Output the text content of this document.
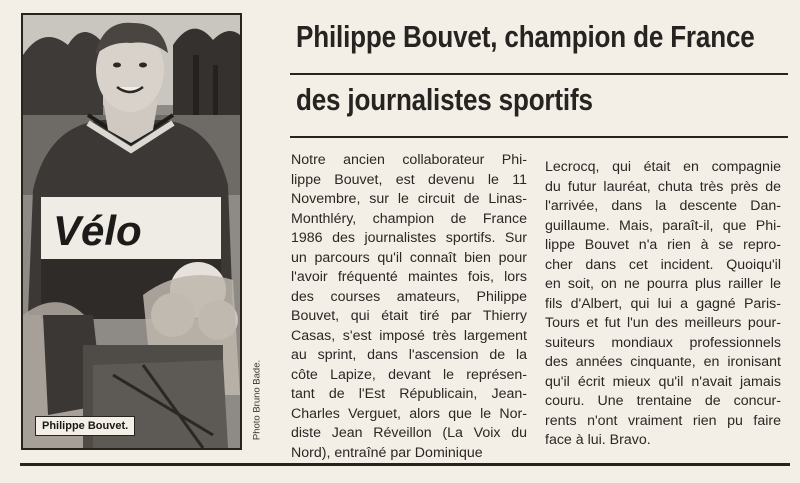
Vélo
Philippe Bouvet.	Photo Bruno Bade.
Philippe Bouvet, champion de France
des journalistes sportifs
Notre ancien collaborateur Phi-
lippe Bouvet, est devenu le 11
Novembre, sur le circuit de Linas-
Monthléry, champion de France
1986 des journalistes sportifs. Sur
un parcours qu'il connaît bien pour
l'avoir fréquenté maintes fois, lors
des courses amateurs, Philippe
Bouvet, qui était tiré par Thierry
Casas, s'est imposé très largement
au sprint, dans l'ascension de la
côte Lapize, devant le représen-
tant de l'Est Républicain, Jean-
Charles Verguet, alors que le Nor-
diste Jean Réveillon (La Voix du
Nord), entraîné par Dominique
Lecrocq, qui était en compagnie
du futur lauréat, chuta très près de
l'arrivée, dans la descente Dan-
guillaume. Mais, paraît-il, que Phi-
lippe Bouvet n'a rien à se repro-
cher dans cet incident. Quoiqu'il
en soit, on ne pourra plus railler le
fils d'Albert, qui lui a gagné Paris-
Tours et fut l'un des meilleurs pour-
suiteurs mondiaux professionnels
des années cinquante, en ironisant
qu'il écrit mieux qu'il n'avait jamais
couru. Une trentaine de concur-
rents n'ont vraiment rien pu faire
face à lui. Bravo.
